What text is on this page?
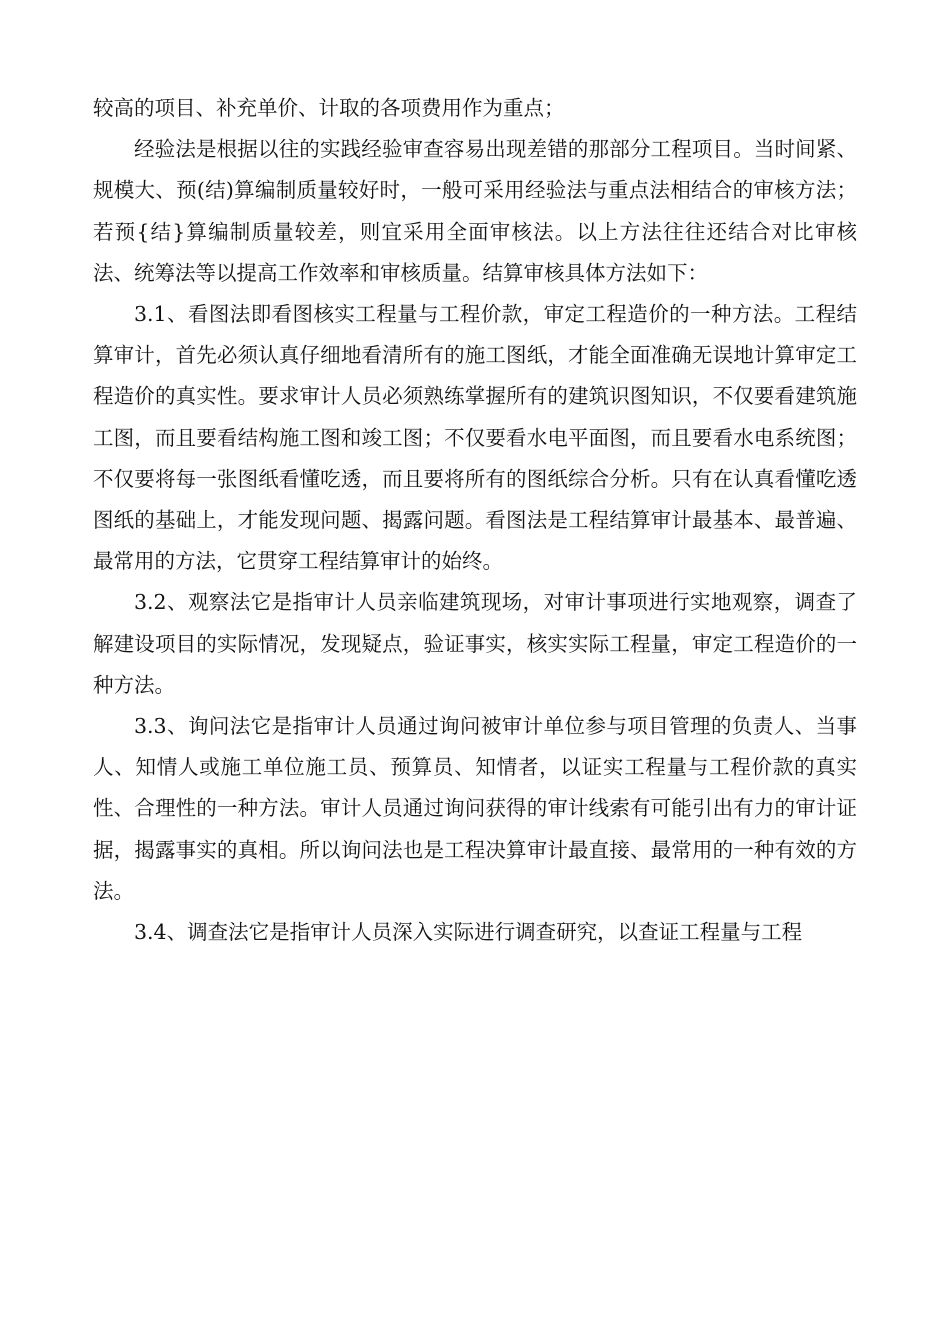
较高的项目、补充单价、计取的各项费用作为重点；

经验法是根据以往的实践经验审查容易出现差错的那部分工程项目。当时间紧、规模大、预(结)算编制质量较好时，一般可采用经验法与重点法相结合的审核方法；若预{结}算编制质量较差，则宜采用全面审核法。以上方法往往还结合对比审核法、统筹法等以提高工作效率和审核质量。结算审核具体方法如下：

3.1、看图法即看图核实工程量与工程价款，审定工程造价的一种方法。工程结算审计，首先必须认真仔细地看清所有的施工图纸，才能全面准确无误地计算审定工程造价的真实性。要求审计人员必须熟练掌握所有的建筑识图知识，不仅要看建筑施工图，而且要看结构施工图和竣工图；不仅要看水电平面图，而且要看水电系统图；不仅要将每一张图纸看懂吃透，而且要将所有的图纸综合分析。只有在认真看懂吃透图纸的基础上，才能发现问题、揭露问题。看图法是工程结算审计最基本、最普遍、最常用的方法，它贯穿工程结算审计的始终。

3.2、观察法它是指审计人员亲临建筑现场，对审计事项进行实地观察，调查了解建设项目的实际情况，发现疑点，验证事实，核实实际工程量，审定工程造价的一种方法。

3.3、询问法它是指审计人员通过询问被审计单位参与项目管理的负责人、当事人、知情人或施工单位施工员、预算员、知情者，以证实工程量与工程价款的真实性、合理性的一种方法。审计人员通过询问获得的审计线索有可能引出有力的审计证据，揭露事实的真相。所以询问法也是工程决算审计最直接、最常用的一种有效的方法。

3.4、调查法它是指审计人员深入实际进行调查研究，以查证工程量与工程
